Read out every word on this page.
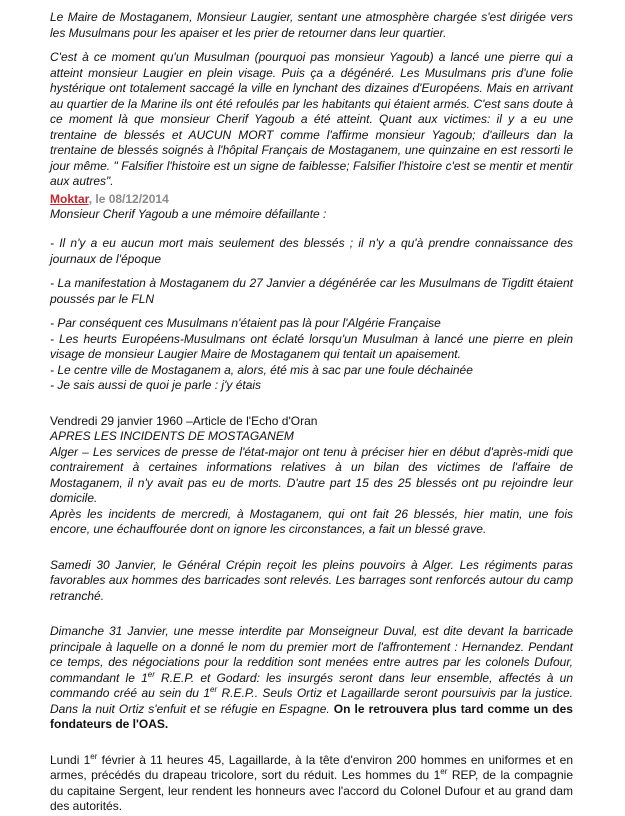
Le Maire de Mostaganem, Monsieur Laugier, sentant une atmosphère chargée s'est dirigée vers les Musulmans pour les apaiser et les prier de retourner dans leur quartier.

C'est à ce moment qu'un Musulman (pourquoi pas monsieur Yagoub) a lancé une pierre qui a atteint monsieur Laugier en plein visage. Puis ça a dégénéré. Les Musulmans pris d'une folie hystérique ont totalement saccagé la ville en lynchant des dizaines d'Européens. Mais en arrivant au quartier de la Marine ils ont été refoulés par les habitants qui étaient armés. C'est sans doute à ce moment là que monsieur Cherif Yagoub a été atteint. Quant aux victimes: il y a eu une trentaine de blessés et AUCUN MORT comme l'affirme monsieur Yagoub; d'ailleurs dan la trentaine de blessés soignés à l'hôpital Français de Mostaganem, une quinzaine en est ressorti le jour même. " Falsifier l'histoire est un signe de faiblesse; Falsifier l'histoire c'est se mentir et mentir aux autres".

Moktar, le 08/12/2014

Monsieur Cherif Yagoub a une mémoire défaillante :

- Il n'y a eu aucun mort mais seulement des blessés ; il n'y a qu'à prendre connaissance des journaux de l'époque

- La manifestation à Mostaganem du 27 Janvier a dégénérée car les Musulmans de Tigditt étaient poussés par le FLN

- Par conséquent ces Musulmans n'étaient pas là pour l'Algérie Française

- Les heurts Européens-Musulmans ont éclaté lorsqu'un Musulman à lancé une pierre en plein visage de monsieur Laugier Maire de Mostaganem qui tentait un apaisement.

- Le centre ville de Mostaganem a, alors, été mis à sac par une foule déchainée

- Je sais aussi de quoi je parle : j'y étais

Vendredi 29 janvier 1960 –Article de l'Echo d'Oran

APRES LES INCIDENTS DE MOSTAGANEM

Alger – Les services de presse de l'état-major ont tenu à préciser hier en début d'après-midi que contrairement à certaines informations relatives à un bilan des victimes de l'affaire de Mostaganem, il n'y avait pas eu de morts. D'autre part 15 des 25 blessés ont pu rejoindre leur domicile.

Après les incidents de mercredi, à Mostaganem, qui ont fait 26 blessés, hier matin, une fois encore, une échauffourée dont on ignore les circonstances, a fait un blessé grave.

Samedi 30 Janvier, le Général Crépin reçoit les pleins pouvoirs à Alger. Les régiments paras favorables aux hommes des barricades sont relevés. Les barrages sont renforcés autour du camp retranché.

Dimanche 31 Janvier, une messe interdite par Monseigneur Duval, est dite devant la barricade principale à laquelle on a donné le nom du premier mort de l'affrontement : Hernandez. Pendant ce temps, des négociations pour la reddition sont menées entre autres par les colonels Dufour, commandant le 1er R.E.P. et Godard: les insurgés seront dans leur ensemble, affectés à un commando créé au sein du 1er R.E.P.. Seuls Ortiz et Lagaillarde seront poursuivis par la justice. Dans la nuit Ortiz s'enfuit et se réfugie en Espagne. On le retrouvera plus tard comme un des fondateurs de l'OAS.

Lundi 1er février à 11 heures 45, Lagaillarde, à la tête d'environ 200 hommes en uniformes et en armes, précédés du drapeau tricolore, sort du réduit. Les hommes du 1er REP, de la compagnie du capitaine Sergent, leur rendent les honneurs avec l'accord du Colonel Dufour et au grand dam des autorités.
